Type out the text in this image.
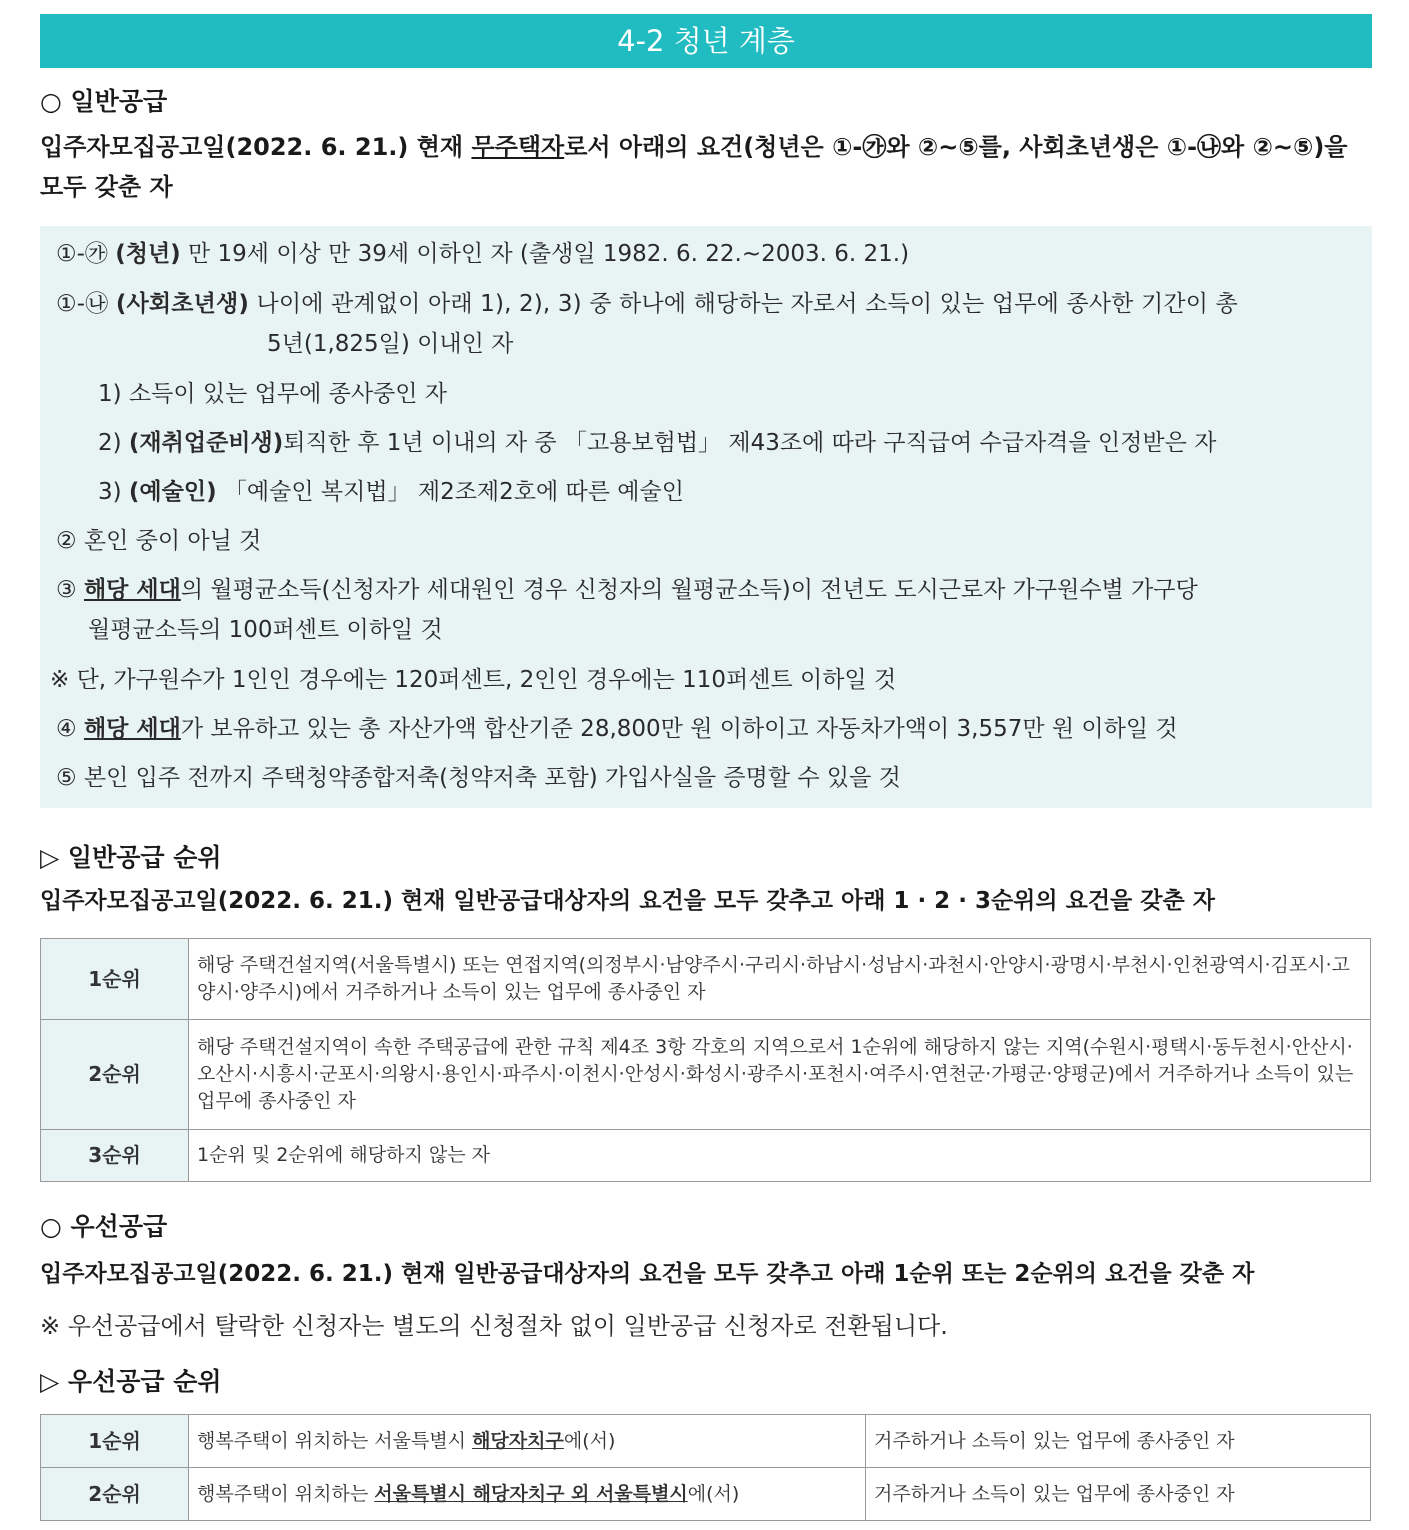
4-2 청년 계층
○ 일반공급
입주자모집공고일(2022. 6. 21.) 현재 무주택자로서 아래의 요건(청년은 ①-㉮와 ②~⑤를, 사회초년생은 ①-㉯와 ②~⑤)을
모두 갖춘 자
①-㉮ (청년) 만 19세 이상 만 39세 이하인 자 (출생일 1982. 6. 22.~2003. 6. 21.)
①-㉯ (사회초년생) 나이에 관계없이 아래 1), 2), 3) 중 하나에 해당하는 자로서 소득이 있는 업무에 종사한 기간이 총
5년(1,825일) 이내인 자
1) 소득이 있는 업무에 종사중인 자
2) (재취업준비생)퇴직한 후 1년 이내의 자 중 「고용보험법」 제43조에 따라 구직급여 수급자격을 인정받은 자
3) (예술인) 「예술인 복지법」 제2조제2호에 따른 예술인
② 혼인 중이 아닐 것
③ 해당 세대의 월평균소득(신청자가 세대원인 경우 신청자의 월평균소득)이 전년도 도시근로자 가구원수별 가구당
월평균소득의 100퍼센트 이하일 것
※ 단, 가구원수가 1인인 경우에는 120퍼센트, 2인인 경우에는 110퍼센트 이하일 것
④ 해당 세대가 보유하고 있는 총 자산가액 합산기준 28,800만 원 이하이고 자동차가액이 3,557만 원 이하일 것
⑤ 본인 입주 전까지 주택청약종합저축(청약저축 포함) 가입사실을 증명할 수 있을 것
▷ 일반공급 순위
입주자모집공고일(2022. 6. 21.) 현재 일반공급대상자의 요건을 모두 갖추고 아래 1 · 2 · 3순위의 요건을 갖춘 자
1순위	해당 주택건설지역(서울특별시) 또는 연접지역(의정부시·남양주시·구리시·하남시·성남시·과천시·안양시·광명시·부천시·인천광역시·김포시·고양시·양주시)에서 거주하거나 소득이 있는 업무에 종사중인 자
2순위	해당 주택건설지역이 속한 주택공급에 관한 규칙 제4조 3항 각호의 지역으로서 1순위에 해당하지 않는 지역(수원시·평택시·동두천시·안산시·오산시·시흥시·군포시·의왕시·용인시·파주시·이천시·안성시·화성시·광주시·포천시·여주시·연천군·가평군·양평군)에서 거주하거나 소득이 있는 업무에 종사중인 자
3순위	1순위 및 2순위에 해당하지 않는 자
○ 우선공급
입주자모집공고일(2022. 6. 21.) 현재 일반공급대상자의 요건을 모두 갖추고 아래 1순위 또는 2순위의 요건을 갖춘 자
※ 우선공급에서 탈락한 신청자는 별도의 신청절차 없이 일반공급 신청자로 전환됩니다.
▷ 우선공급 순위
1순위	행복주택이 위치하는 서울특별시 해당자치구에(서)	거주하거나 소득이 있는 업무에 종사중인 자
2순위	행복주택이 위치하는 서울특별시 해당자치구 외 서울특별시에(서)	거주하거나 소득이 있는 업무에 종사중인 자
